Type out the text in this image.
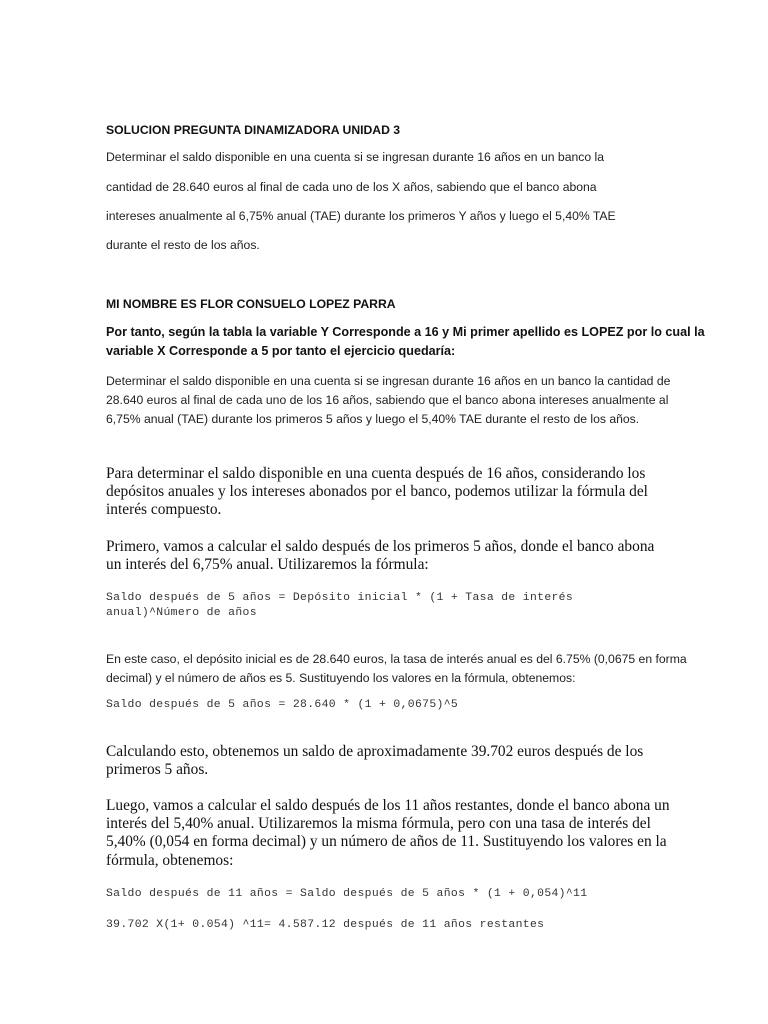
SOLUCION PREGUNTA DINAMIZADORA UNIDAD 3
Determinar el saldo disponible en una cuenta si se ingresan durante 16 años en un banco la
cantidad de 28.640 euros al final de cada uno de los X años, sabiendo que el banco abona
intereses anualmente al 6,75% anual (TAE) durante los primeros Y años y luego el 5,40% TAE
durante el resto de los años.
MI NOMBRE ES FLOR CONSUELO LOPEZ PARRA
Por tanto, según la tabla la variable Y Corresponde a 16 y Mi primer apellido es LOPEZ por lo cual la variable X Corresponde a 5 por tanto el ejercicio quedaría:
Determinar el saldo disponible en una cuenta si se ingresan durante 16 años en un banco la cantidad de 28.640 euros al final de cada uno de los 16 años, sabiendo que el banco abona intereses anualmente al 6,75% anual (TAE) durante los primeros 5 años y luego el 5,40% TAE durante el resto de los años.
Para determinar el saldo disponible en una cuenta después de 16 años, considerando los depósitos anuales y los intereses abonados por el banco, podemos utilizar la fórmula del interés compuesto.
Primero, vamos a calcular el saldo después de los primeros 5 años, donde el banco abona un interés del 6,75% anual. Utilizaremos la fórmula:
Saldo después de 5 años = Depósito inicial * (1 + Tasa de interés
anual)^Número de años
En este caso, el depósito inicial es de 28.640 euros, la tasa de interés anual es del 6.75% (0,0675 en forma decimal) y el número de años es 5. Sustituyendo los valores en la fórmula, obtenemos:
Saldo después de 5 años = 28.640 * (1 + 0,0675)^5
Calculando esto, obtenemos un saldo de aproximadamente 39.702 euros después de los primeros 5 años.
Luego, vamos a calcular el saldo después de los 11 años restantes, donde el banco abona un interés del 5,40% anual. Utilizaremos la misma fórmula, pero con una tasa de interés del 5,40% (0,054 en forma decimal) y un número de años de 11. Sustituyendo los valores en la fórmula, obtenemos:
Saldo después de 11 años = Saldo después de 5 años * (1 + 0,054)^11
39.702 X(1+ 0.054) ^11= 4.587.12 después de 11 años restantes
